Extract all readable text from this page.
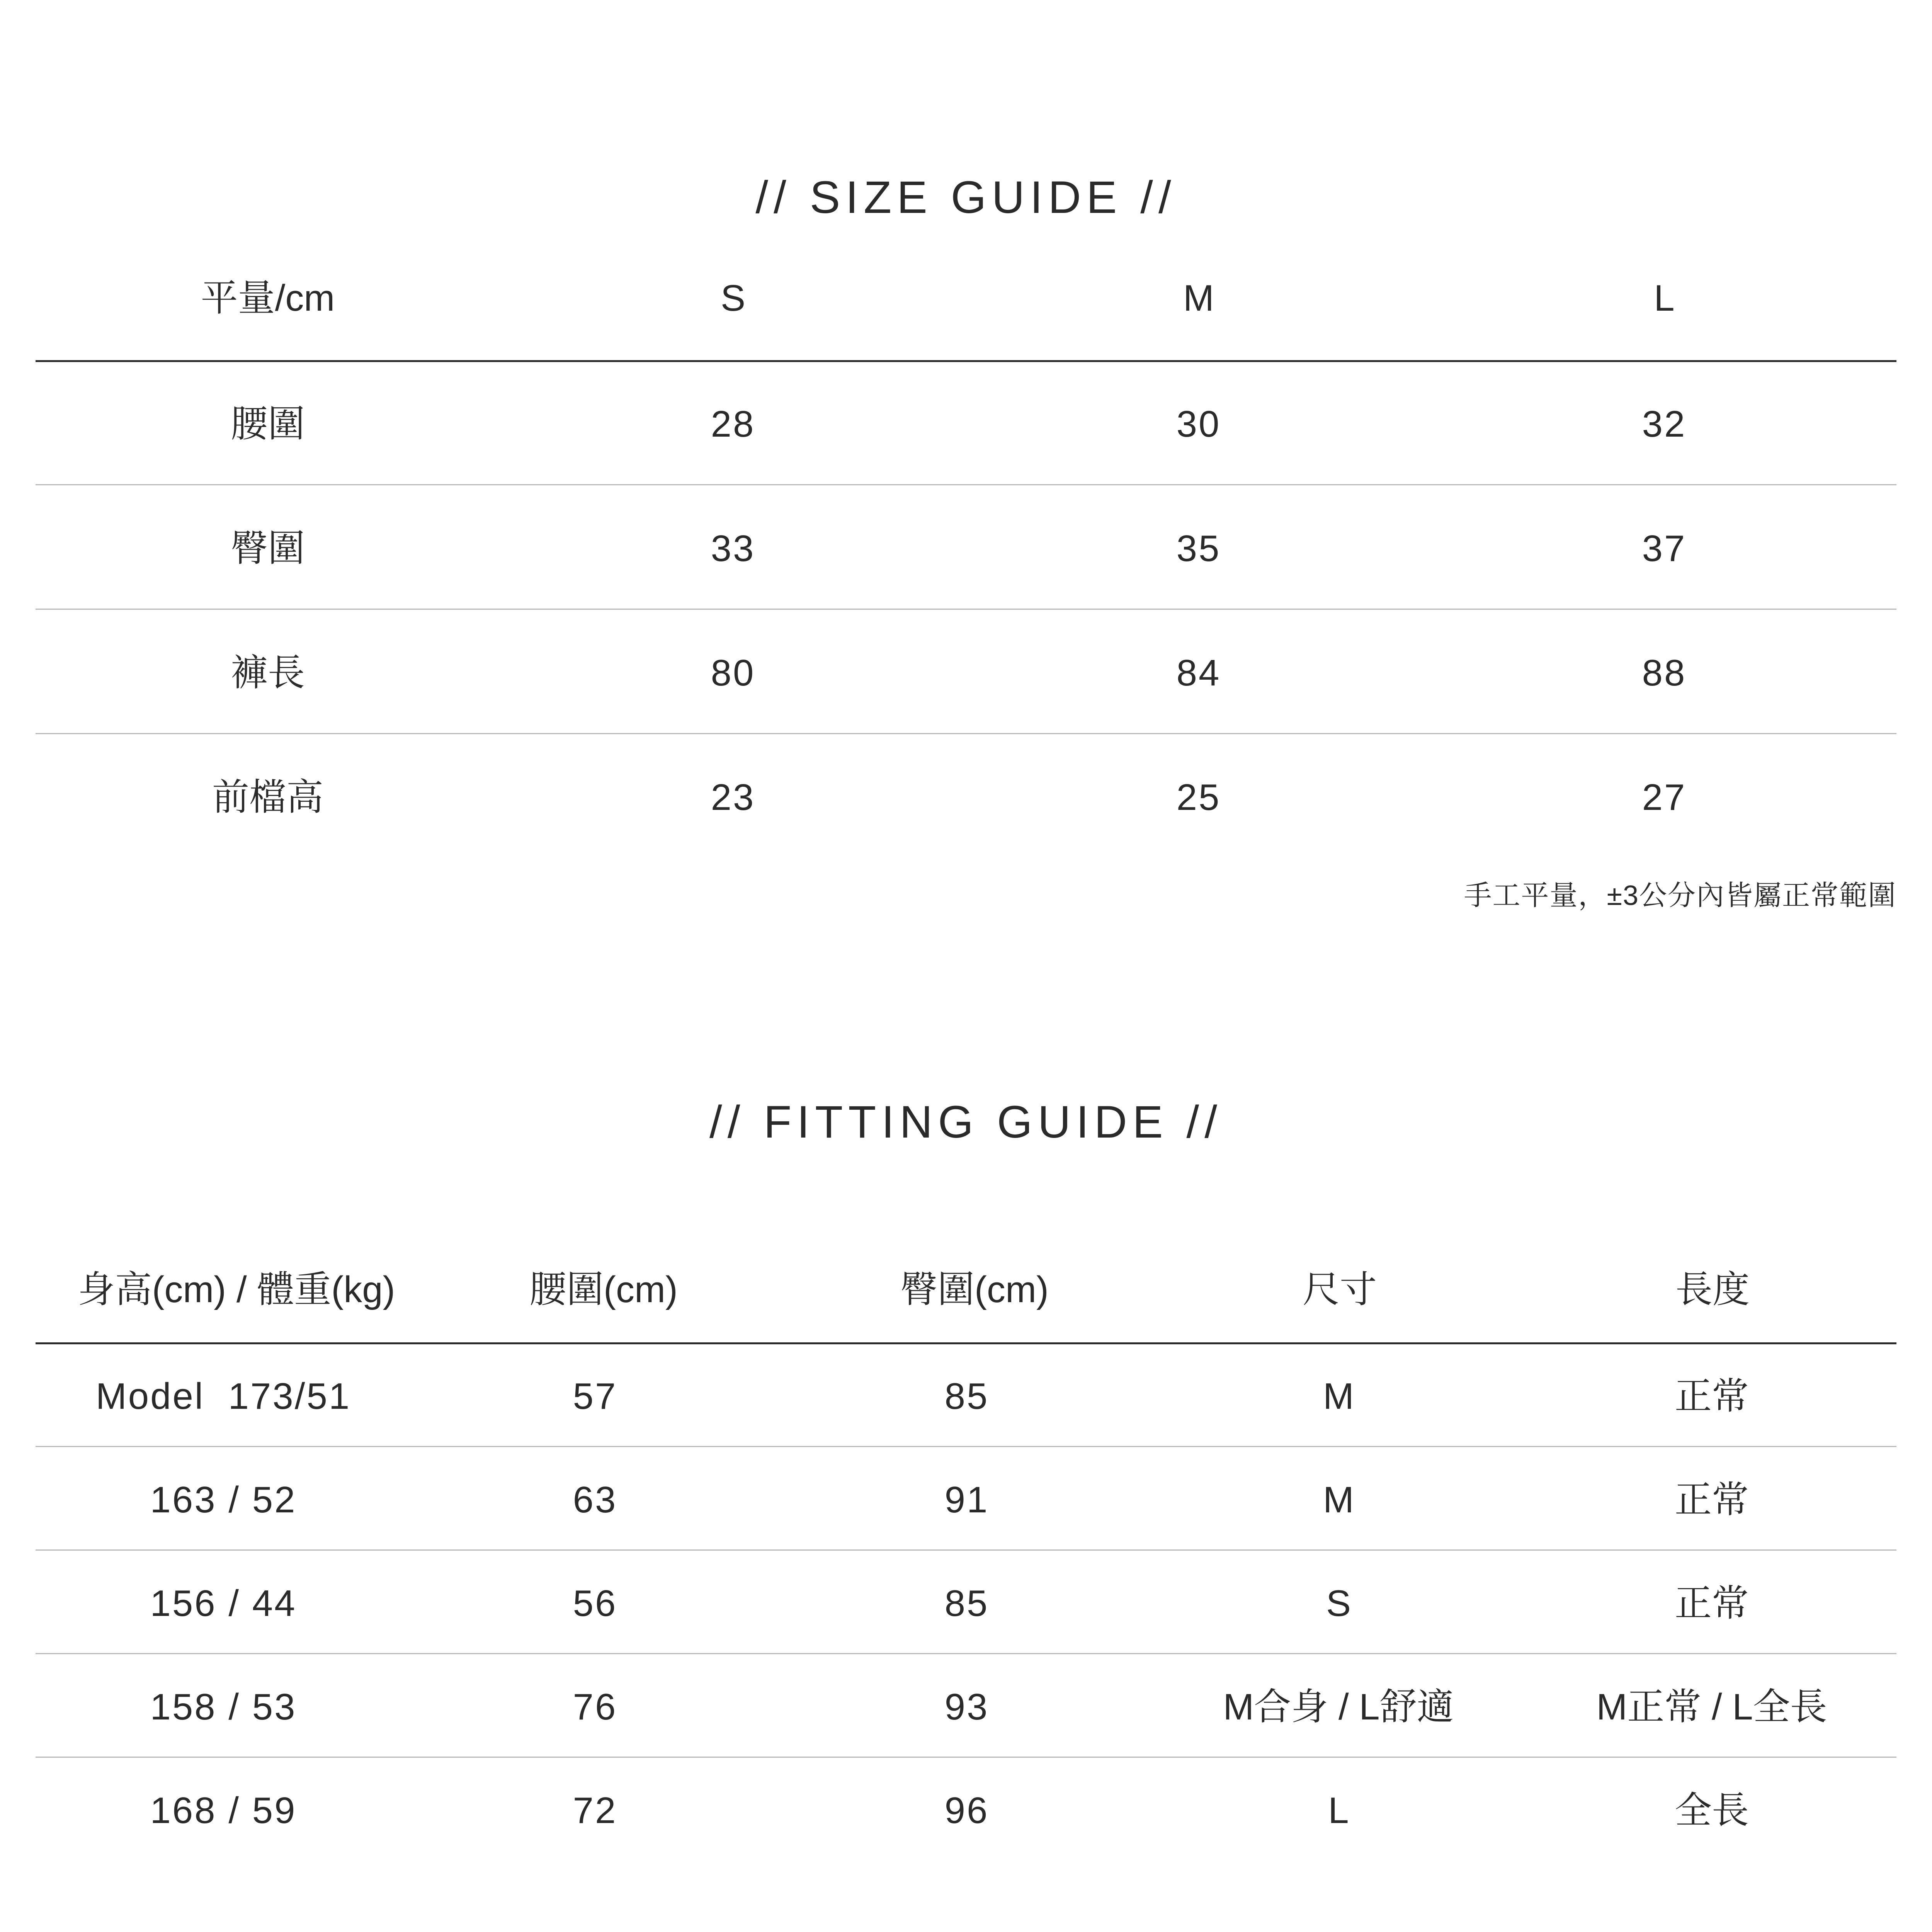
// SIZE GUIDE //
平量/cm	S	M	L
腰圍	28	30	32
臀圍	33	35	37
褲長	80	84	88
前檔高	23	25	27
手工平量，±3公分內皆屬正常範圍
// FITTING GUIDE //
身高(cm) / 體重(kg)	腰圍(cm)	臀圍(cm)	尺寸	長度
Model  173/51	57	85	M	正常
163 / 52	63	91	M	正常
156 / 44	56	85	S	正常
158 / 53	76	93	M合身 / L舒適	M正常 / L全長
168 / 59	72	96	L	全長
